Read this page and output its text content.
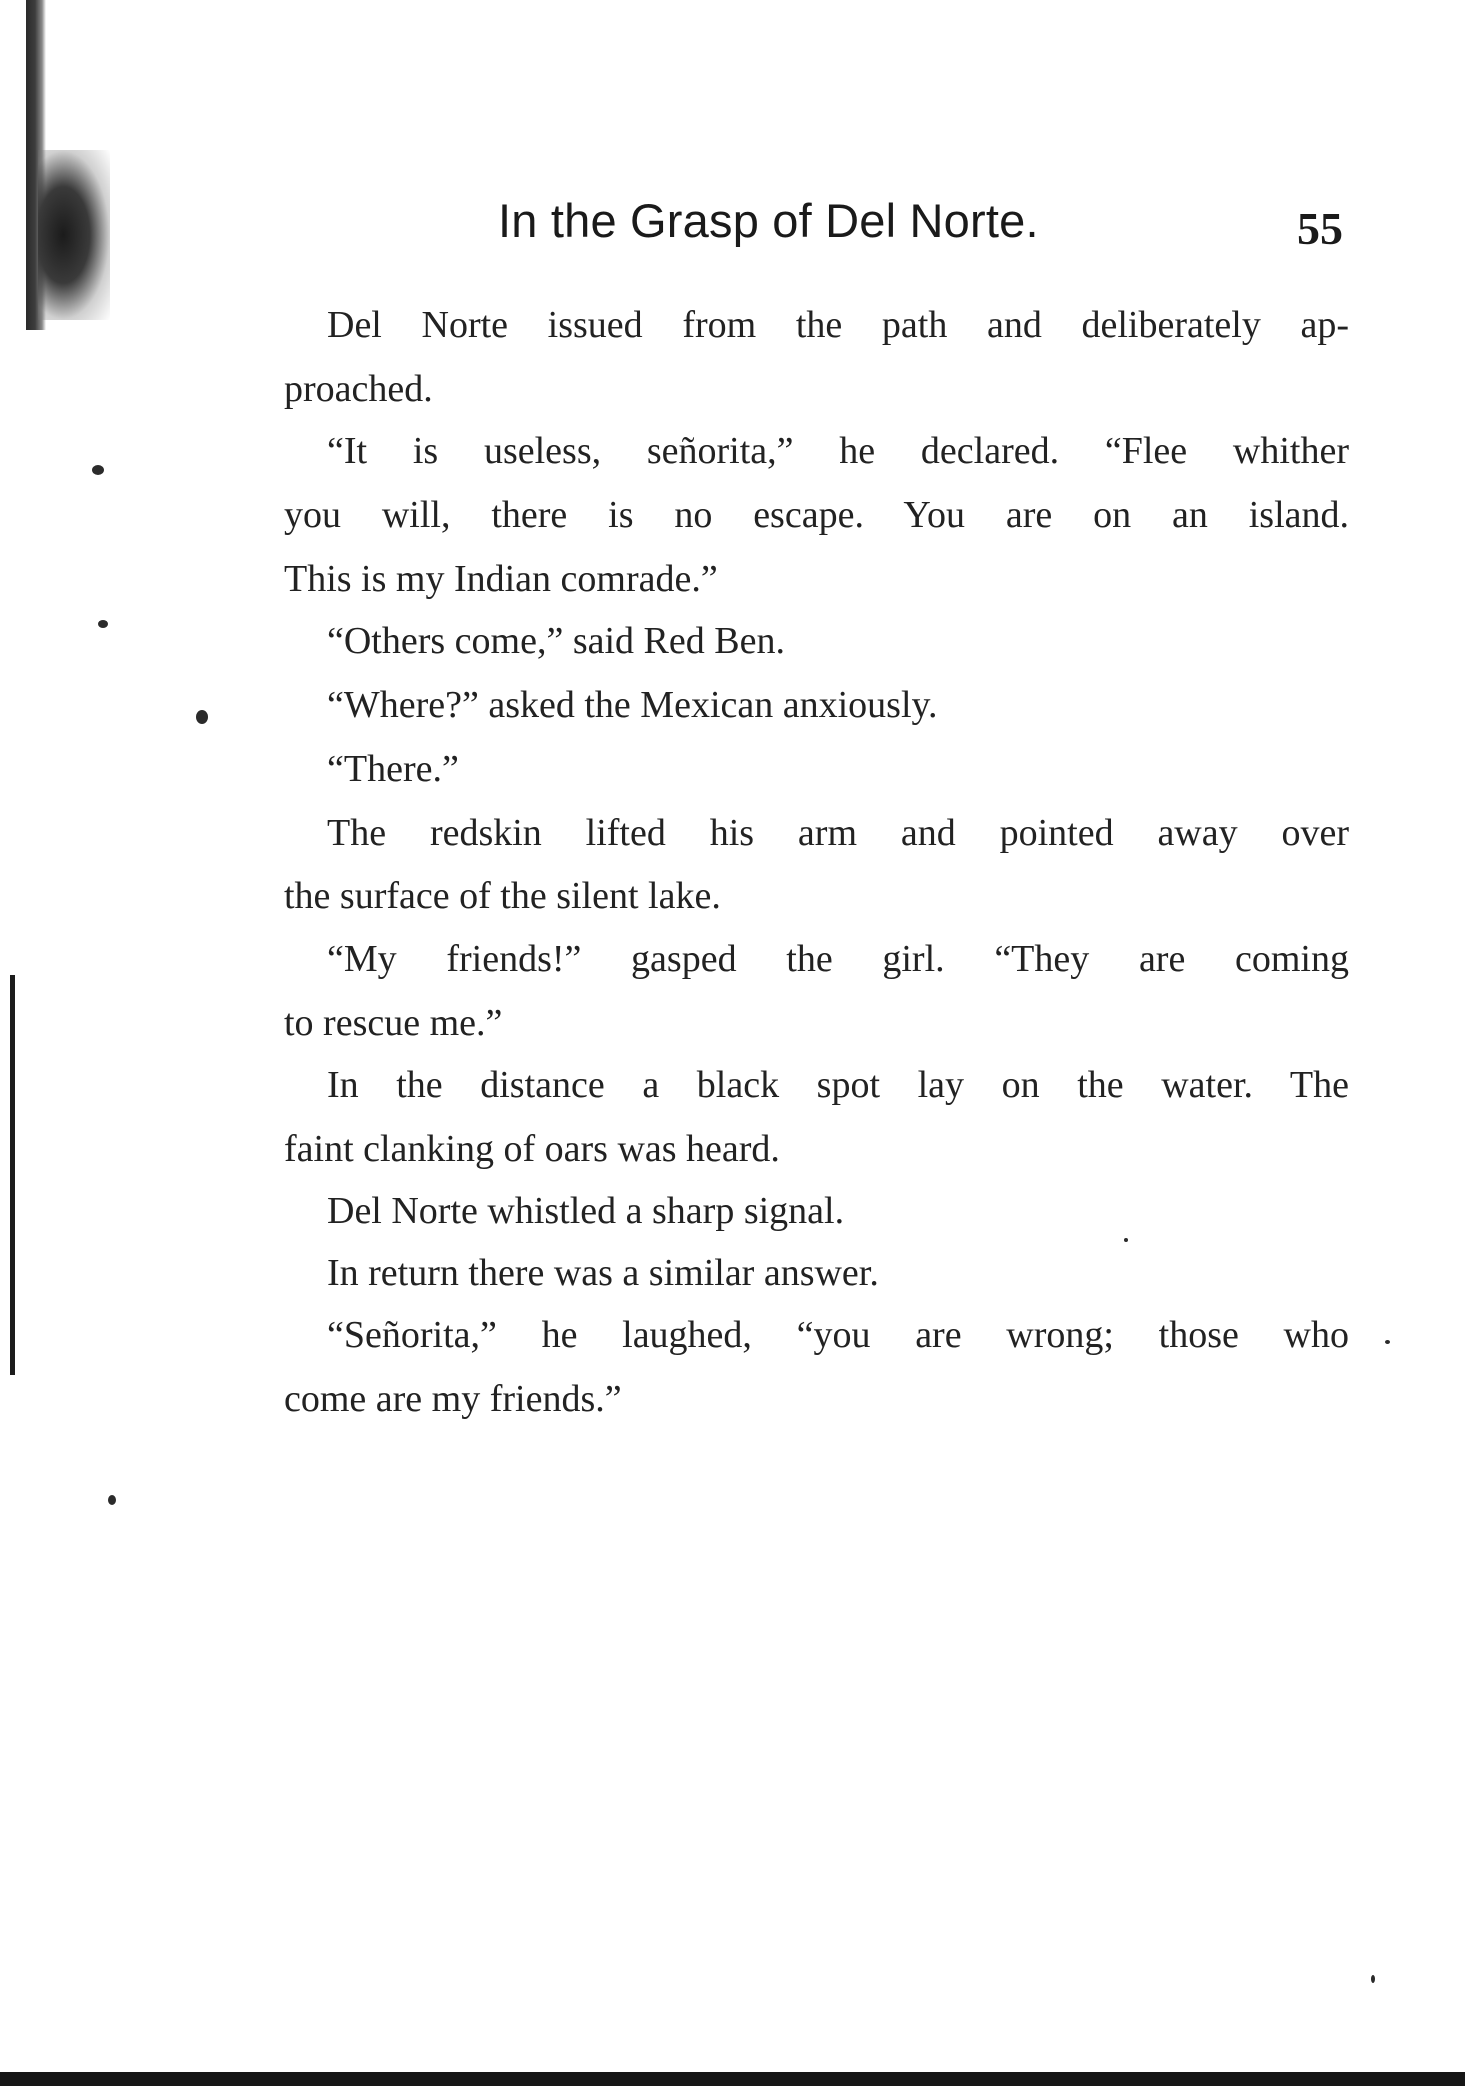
In the Grasp of Del Norte.	55
Del Norte issued from the path and deliberately ap-
proached.
“It is useless, señorita,” he declared. “Flee whither
you will, there is no escape. You are on an island.
This is my Indian comrade.”
“Others come,” said Red Ben.
“Where?” asked the Mexican anxiously.
“There.”
The redskin lifted his arm and pointed away over
the surface of the silent lake.
“My friends!” gasped the girl. “They are coming
to rescue me.”
In the distance a black spot lay on the water. The
faint clanking of oars was heard.
Del Norte whistled a sharp signal.
In return there was a similar answer.
“Señorita,” he laughed, “you are wrong; those who
come are my friends.”
